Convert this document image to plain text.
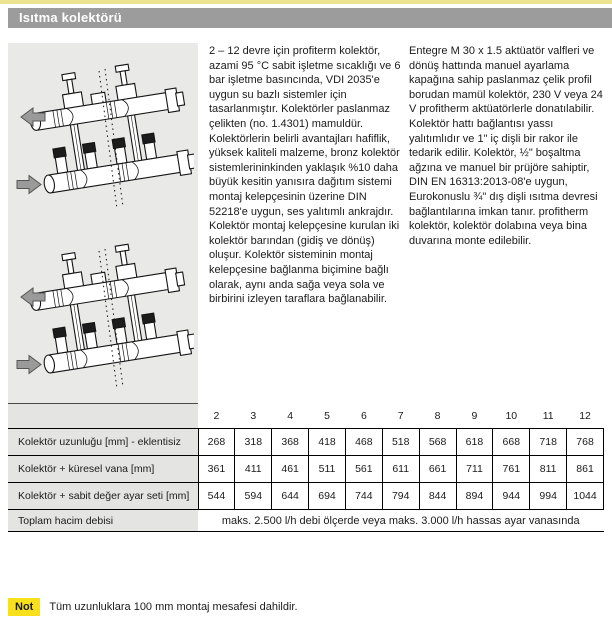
Isıtma kolektörü
2 – 12 devre için profiterm kolektör, azami 95 °C sabit işletme sıcaklığı ve 6 bar işletme basıncında, VDI 2035'e uygun su bazlı sistemler için tasarlanmıştır. Kolektörler paslanmaz çelikten (no. 1.4301) mamuldür. Kolektörlerin belirli avantajları hafiflik, yüksek kaliteli malzeme, bronz kolektör sistemlerininkinden yaklaşık %10 daha büyük kesitin yanısıra dağıtım sistemi montaj kelepçesinin üzerine DIN 52218'e uygun, ses yalıtımlı ankrajdır. Kolektör montaj kelepçesine kurulan iki kolektör barından (gidiş ve dönüş) oluşur. Kolektör sisteminin montaj kelepçesine bağlanma biçimine bağlı olarak, aynı anda sağa veya sola ve birbirini izleyen taraflara bağlanabilir.
Entegre M 30 x 1.5 aktüatör valfleri ve dönüş hattında manuel ayarlama kapağına sahip paslanmaz çelik profil borudan mamül kolektör, 230 V veya 24 V profitherm aktüatörlerle donatılabilir. Kolektör hattı bağlantısı yassı yalıtımlıdır ve 1" iç dişli bir rakor ile tedarik edilir. Kolektör, ½" boşaltma ağzına ve manuel bir prüjöre sahiptir, DIN EN 16313:2013-08'e uygun, Eurokonuslu ¾" dış dişli ısıtma devresi bağlantılarına imkan tanır. profitherm kolektör, kolektör dolabına veya bina duvarına monte edilebilir.
	2	3	4	5	6	7	8	9	10	11	12
Kolektör uzunluğu [mm] - eklentisiz	268	318	368	418	468	518	568	618	668	718	768
Kolektör + küresel vana [mm]	361	411	461	511	561	611	661	711	761	811	861
Kolektör + sabit değer ayar seti [mm]	544	594	644	694	744	794	844	894	944	994	1044
Toplam hacim debisi	maks. 2.500 l/h debi ölçerde veya maks. 3.000 l/h hassas ayar vanasında										
Not	Tüm uzunluklara 100 mm montaj mesafesi dahildir.
